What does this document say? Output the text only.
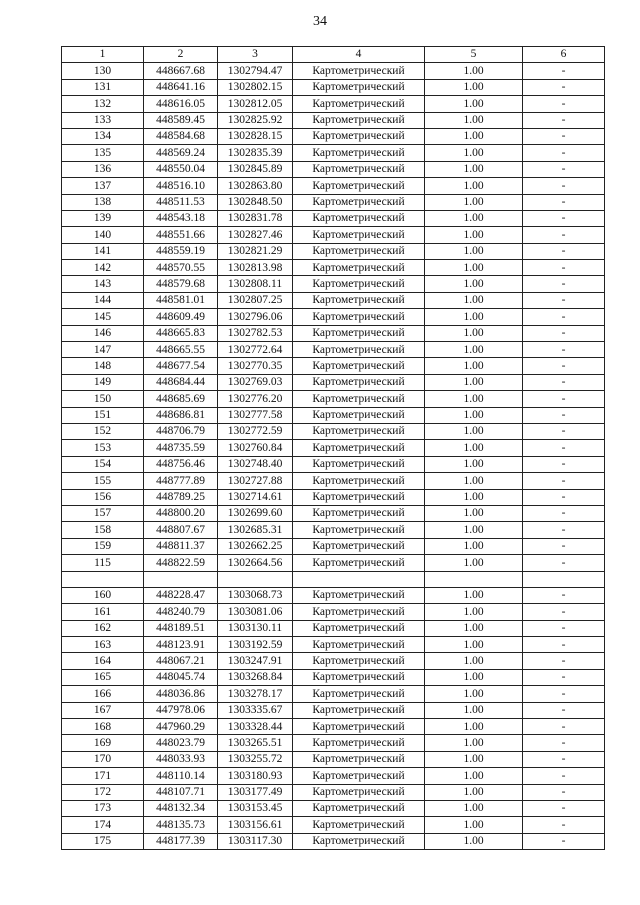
34
1	2	3	4	5	6
130	448667.68	1302794.47	Картометрический	1.00	-
131	448641.16	1302802.15	Картометрический	1.00	-
132	448616.05	1302812.05	Картометрический	1.00	-
133	448589.45	1302825.92	Картометрический	1.00	-
134	448584.68	1302828.15	Картометрический	1.00	-
135	448569.24	1302835.39	Картометрический	1.00	-
136	448550.04	1302845.89	Картометрический	1.00	-
137	448516.10	1302863.80	Картометрический	1.00	-
138	448511.53	1302848.50	Картометрический	1.00	-
139	448543.18	1302831.78	Картометрический	1.00	-
140	448551.66	1302827.46	Картометрический	1.00	-
141	448559.19	1302821.29	Картометрический	1.00	-
142	448570.55	1302813.98	Картометрический	1.00	-
143	448579.68	1302808.11	Картометрический	1.00	-
144	448581.01	1302807.25	Картометрический	1.00	-
145	448609.49	1302796.06	Картометрический	1.00	-
146	448665.83	1302782.53	Картометрический	1.00	-
147	448665.55	1302772.64	Картометрический	1.00	-
148	448677.54	1302770.35	Картометрический	1.00	-
149	448684.44	1302769.03	Картометрический	1.00	-
150	448685.69	1302776.20	Картометрический	1.00	-
151	448686.81	1302777.58	Картометрический	1.00	-
152	448706.79	1302772.59	Картометрический	1.00	-
153	448735.59	1302760.84	Картометрический	1.00	-
154	448756.46	1302748.40	Картометрический	1.00	-
155	448777.89	1302727.88	Картометрический	1.00	-
156	448789.25	1302714.61	Картометрический	1.00	-
157	448800.20	1302699.60	Картометрический	1.00	-
158	448807.67	1302685.31	Картометрический	1.00	-
159	448811.37	1302662.25	Картометрический	1.00	-
115	448822.59	1302664.56	Картометрический	1.00	-

160	448228.47	1303068.73	Картометрический	1.00	-
161	448240.79	1303081.06	Картометрический	1.00	-
162	448189.51	1303130.11	Картометрический	1.00	-
163	448123.91	1303192.59	Картометрический	1.00	-
164	448067.21	1303247.91	Картометрический	1.00	-
165	448045.74	1303268.84	Картометрический	1.00	-
166	448036.86	1303278.17	Картометрический	1.00	-
167	447978.06	1303335.67	Картометрический	1.00	-
168	447960.29	1303328.44	Картометрический	1.00	-
169	448023.79	1303265.51	Картометрический	1.00	-
170	448033.93	1303255.72	Картометрический	1.00	-
171	448110.14	1303180.93	Картометрический	1.00	-
172	448107.71	1303177.49	Картометрический	1.00	-
173	448132.34	1303153.45	Картометрический	1.00	-
174	448135.73	1303156.61	Картометрический	1.00	-
175	448177.39	1303117.30	Картометрический	1.00	-
